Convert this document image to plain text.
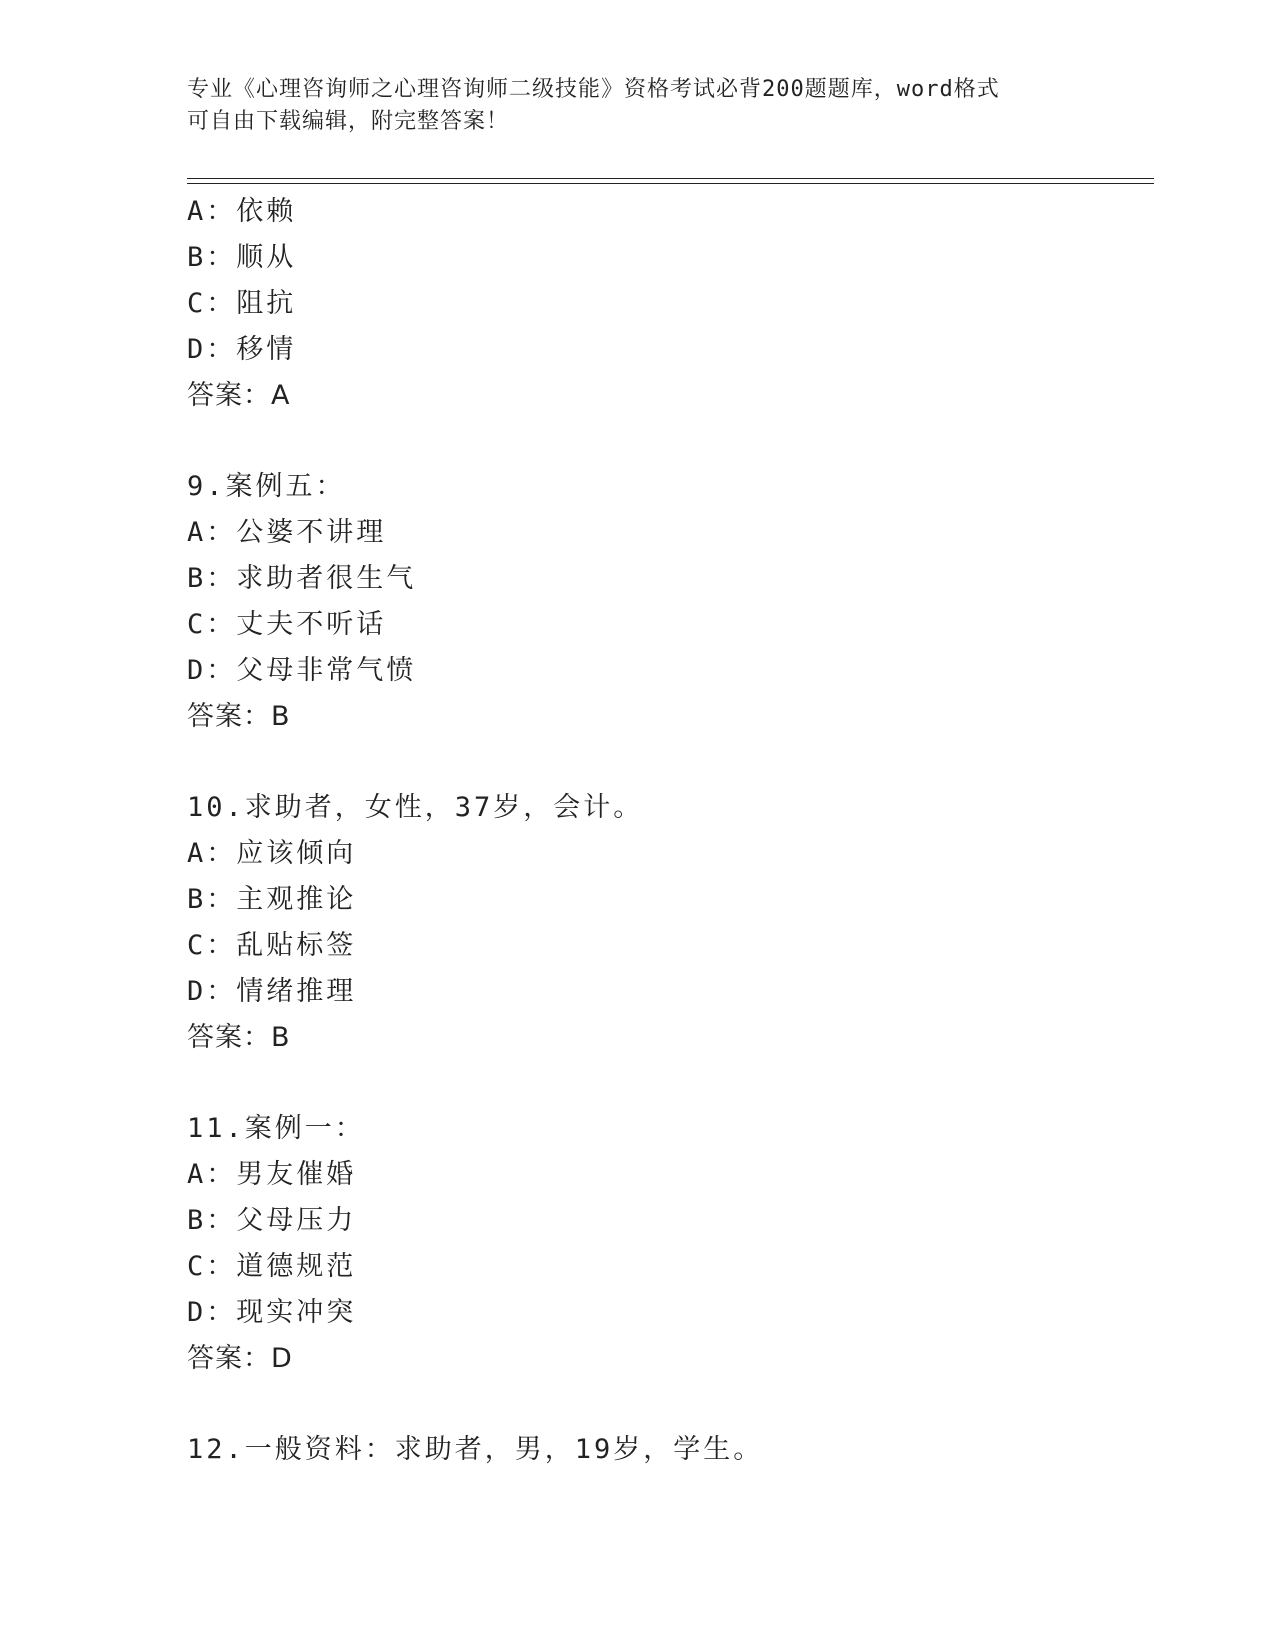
专业《心理咨询师之心理咨询师二级技能》资格考试必背200题题库，word格式
可自由下载编辑，附完整答案！
A：依赖
B：顺从
C：阻抗
D：移情
答案：A
9.案例五：
A：公婆不讲理
B：求助者很生气
C：丈夫不听话
D：父母非常气愤
答案：B
10.求助者，女性，37岁，会计。
A：应该倾向
B：主观推论
C：乱贴标签
D：情绪推理
答案：B
11.案例一：
A：男友催婚
B：父母压力
C：道德规范
D：现实冲突
答案：D
12.一般资料：求助者，男，19岁，学生。
